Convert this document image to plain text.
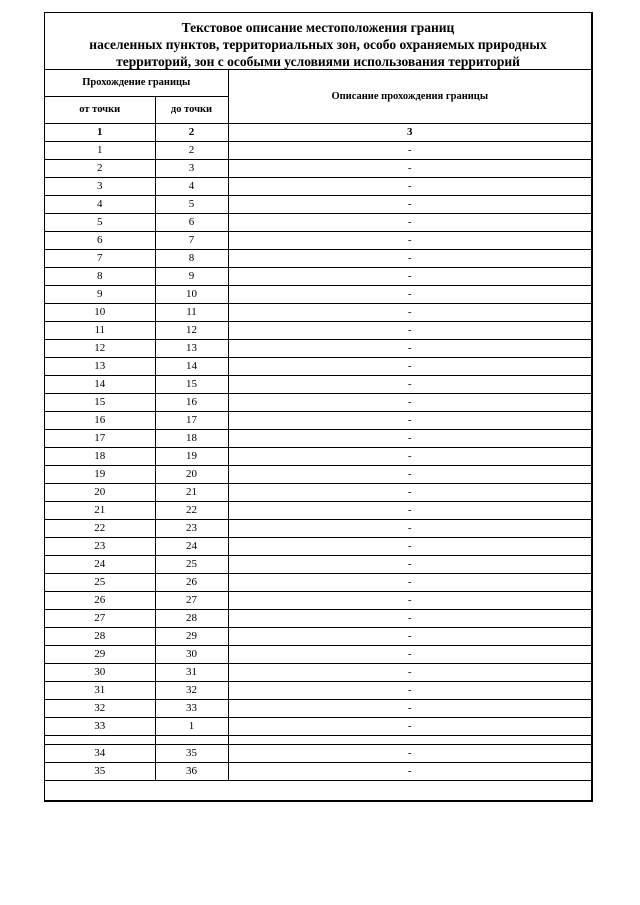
Текстовое описание местоположения границ
населенных пунктов, территориальных зон, особо охраняемых природных
территорий, зон с особыми условиями использования территорий
Прохождение границы		Описание прохождения границы
от точки	до точки	
1	2	3
1	2	-
2	3	-
3	4	-
4	5	-
5	6	-
6	7	-
7	8	-
8	9	-
9	10	-
10	11	-
11	12	-
12	13	-
13	14	-
14	15	-
15	16	-
16	17	-
17	18	-
18	19	-
19	20	-
20	21	-
21	22	-
22	23	-
23	24	-
24	25	-
25	26	-
26	27	-
27	28	-
28	29	-
29	30	-
30	31	-
31	32	-
32	33	-
33	1	-

34	35	-
35	36	-
